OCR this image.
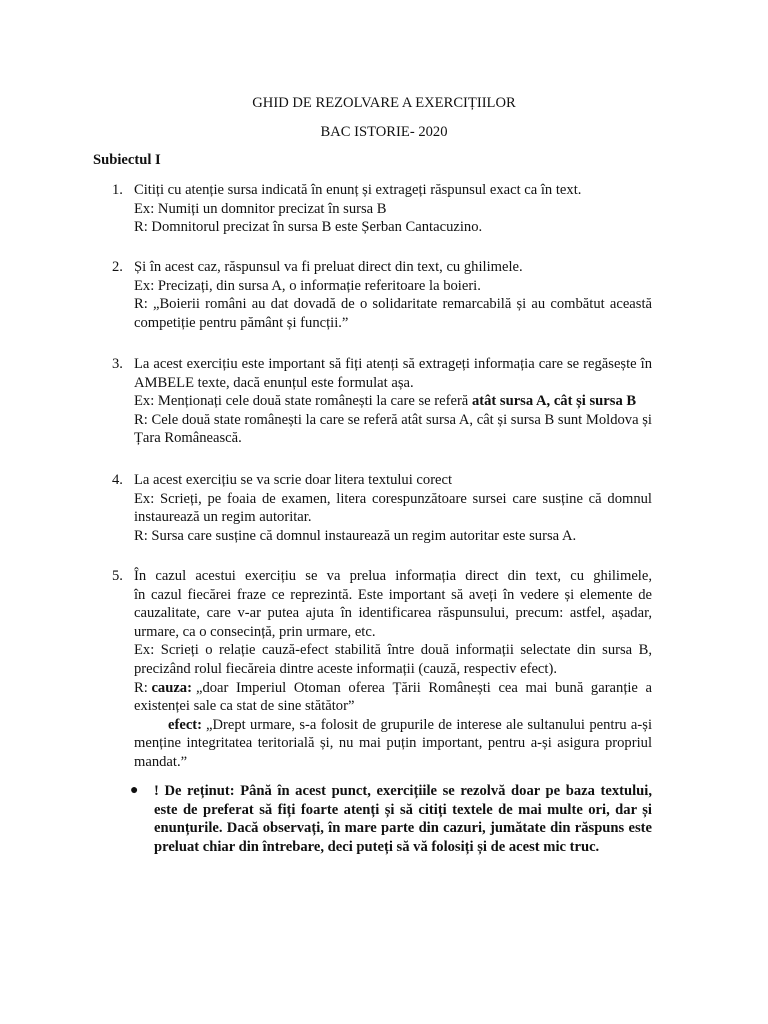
GHID DE REZOLVARE A EXERCIȚIILOR
BAC ISTORIE- 2020
Subiectul I
1. Citiți cu atenție sursa indicată în enunț și extrageți răspunsul exact ca în text.
Ex: Numiți un domnitor precizat în sursa B
R: Domnitorul precizat în sursa B este Șerban Cantacuzino.
2. Și în acest caz, răspunsul va fi preluat direct din text, cu ghilimele.
Ex: Precizați, din sursa A, o informație referitoare la boieri.
R: „Boierii români au dat dovadă de o solidaritate remarcabilă și au combătut această
competiție pentru pământ și funcții.”
3. La acest exercițiu este important să fiți atenți să extrageți informația care se regăsește în
AMBELE texte, dacă enunțul este formulat așa.
Ex: Menționați cele două state românești la care se referă atât sursa A, cât și sursa B
R: Cele două state românești la care se referă atât sursa A, cât și sursa B sunt Moldova și
Țara Românească.
4. La acest exercițiu se va scrie doar litera textului corect
Ex: Scrieți, pe foaia de examen, litera corespunzătoare sursei care susține că domnul
instaurează un regim autoritar.
R: Sursa care susține că domnul instaurează un regim autoritar este sursa A.
5. În cazul acestui exercițiu se va prelua informația direct din text, cu ghilimele,
în cazul fiecărei fraze ce reprezintă. Este important să aveți în vedere și elemente de
cauzalitate, care v-ar putea ajuta în identificarea răspunsului, precum: astfel, așadar,
urmare, ca o consecință, prin urmare, etc.
Ex: Scrieți o relație cauză-efect stabilită între două informații selectate din sursa B,
precizând rolul fiecăreia dintre aceste informații (cauză, respectiv efect).
R: cauza: „doar Imperiul Otoman oferea Țării Românești cea mai bună garanție a
existenței sale ca stat de sine stătător”
efect: „Drept urmare, s-a folosit de grupurile de interese ale sultanului pentru a-și
menține integritatea teritorială și, nu mai puțin important, pentru a-și asigura propriul
mandat.”
● ! De reținut: Până în acest punct, exercițiile se rezolvă doar pe baza textului,
este de preferat să fiți foarte atenți și să citiți textele de mai multe ori, dar și
enunțurile. Dacă observați, în mare parte din cazuri, jumătate din răspuns este
preluat chiar din întrebare, deci puteți să vă folosiți și de acest mic truc.
